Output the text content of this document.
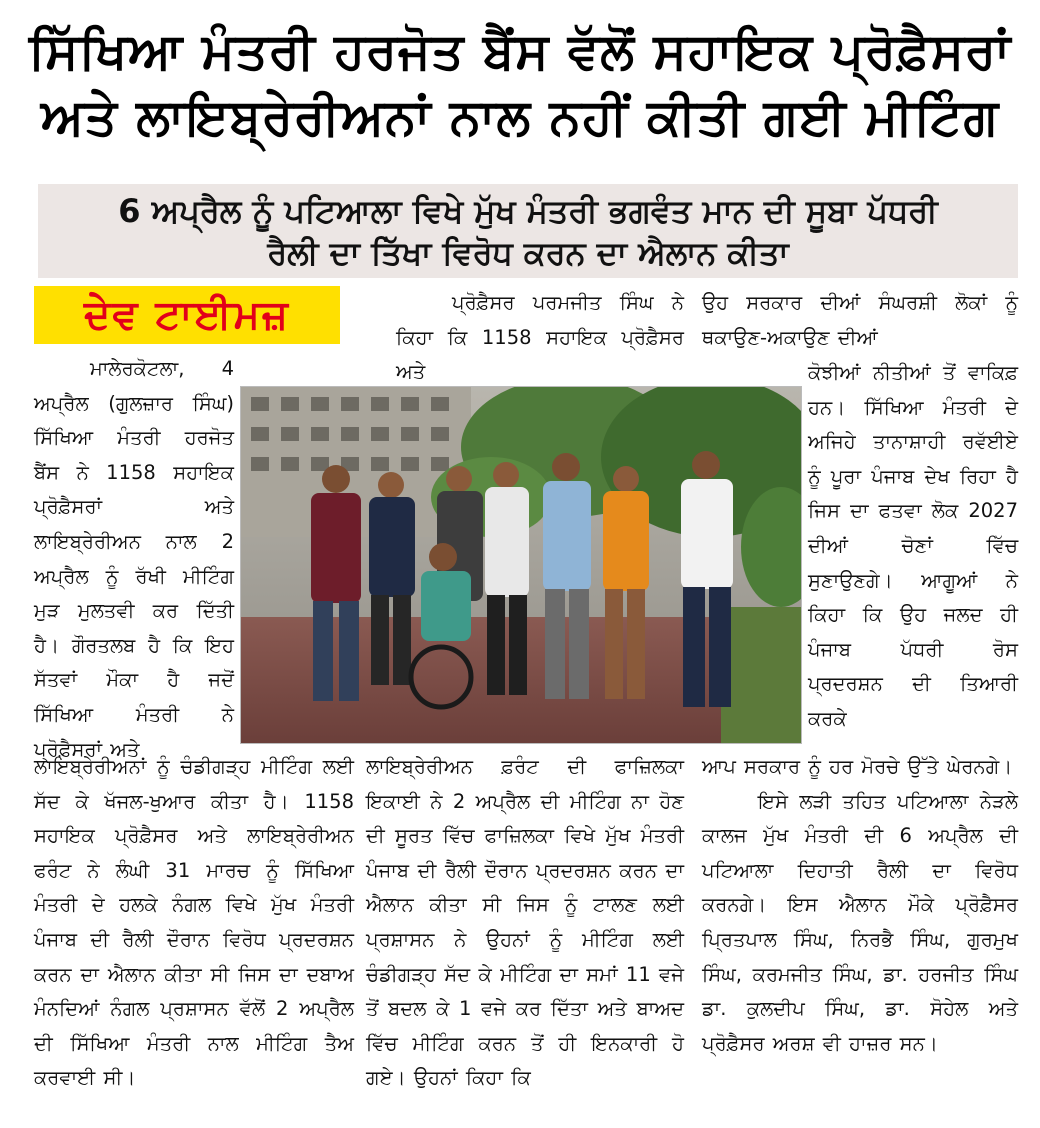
ਸਿੱਖਿਆ ਮੰਤਰੀ ਹਰਜੋਤ ਬੈਂਸ ਵੱਲੋਂ ਸਹਾਇਕ ਪ੍ਰੋਫ਼ੈਸਰਾਂ
ਅਤੇ ਲਾਇਬ੍ਰੇਰੀਅਨਾਂ ਨਾਲ ਨਹੀਂ ਕੀਤੀ ਗਈ ਮੀਟਿੰਗ
6 ਅਪ੍ਰੈਲ ਨੂੰ ਪਟਿਆਲਾ ਵਿਖੇ ਮੁੱਖ ਮੰਤਰੀ ਭਗਵੰਤ ਮਾਨ ਦੀ ਸੂਬਾ ਪੱਧਰੀ
ਰੈਲੀ ਦਾ ਤਿੱਖਾ ਵਿਰੋਧ ਕਰਨ ਦਾ ਐਲਾਨ ਕੀਤਾ
ਦੇਵ ਟਾਈਮਜ਼

ਮਾਲੇਰਕੋਟਲਾ, 4 ਅਪ੍ਰੈਲ (ਗੁਲਜ਼ਾਰ ਸਿੰਘ) ਸਿੱਖਿਆ ਮੰਤਰੀ ਹਰਜੋਤ ਬੈਂਸ ਨੇ 1158 ਸਹਾਇਕ ਪ੍ਰੋਫ਼ੈਸਰਾਂ ਅਤੇ ਲਾਇਬ੍ਰੇਰੀਅਨ ਨਾਲ 2 ਅਪ੍ਰੈਲ ਨੂੰ ਰੱਖੀ ਮੀਟਿੰਗ ਮੁੜ ਮੁਲਤਵੀ ਕਰ ਦਿੱਤੀ ਹੈ। ਗੌਰਤਲਬ ਹੈ ਕਿ ਇਹ ਸੱਤਵਾਂ ਮੌਕਾ ਹੈ ਜਦੋਂ ਸਿੱਖਿਆ ਮੰਤਰੀ ਨੇ ਪ੍ਰੋਫ਼ੈਸਰਾਂ ਅਤੇ

ਲਾਇਬ੍ਰੇਰੀਅਨਾਂ ਨੂੰ ਚੰਡੀਗੜ੍ਹ ਮੀਟਿੰਗ ਲਈ ਸੱਦ ਕੇ ਖੱਜਲ-ਖੁਆਰ ਕੀਤਾ ਹੈ। 1158 ਸਹਾਇਕ ਪ੍ਰੋਫ਼ੈਸਰ ਅਤੇ ਲਾਇਬ੍ਰੇਰੀਅਨ ਫਰੰਟ ਨੇ ਲੰਘੀ 31 ਮਾਰਚ ਨੂੰ ਸਿੱਖਿਆ ਮੰਤਰੀ ਦੇ ਹਲਕੇ ਨੰਗਲ ਵਿਖੇ ਮੁੱਖ ਮੰਤਰੀ ਪੰਜਾਬ ਦੀ ਰੈਲੀ ਦੌਰਾਨ ਵਿਰੋਧ ਪ੍ਰਦਰਸ਼ਨ ਕਰਨ ਦਾ ਐਲਾਨ ਕੀਤਾ ਸੀ ਜਿਸ ਦਾ ਦਬਾਅ ਮੰਨਦਿਆਂ ਨੰਗਲ ਪ੍ਰਸ਼ਾਸਨ ਵੱਲੋਂ 2 ਅਪ੍ਰੈਲ ਦੀ ਸਿੱਖਿਆ ਮੰਤਰੀ ਨਾਲ ਮੀਟਿੰਗ ਤੈਅ ਕਰਵਾਈ ਸੀ।

ਪ੍ਰੋਫ਼ੈਸਰ ਪਰਮਜੀਤ ਸਿੰਘ ਨੇ ਕਿਹਾ ਕਿ 1158 ਸਹਾਇਕ ਪ੍ਰੋਫ਼ੈਸਰ ਅਤੇ

ਲਾਇਬ੍ਰੇਰੀਅਨ ਫ਼ਰੰਟ ਦੀ ਫਾਜ਼ਿਲਕਾ ਇਕਾਈ ਨੇ 2 ਅਪ੍ਰੈਲ ਦੀ ਮੀਟਿੰਗ ਨਾ ਹੋਣ ਦੀ ਸੂਰਤ ਵਿੱਚ ਫਾਜ਼ਿਲਕਾ ਵਿਖੇ ਮੁੱਖ ਮੰਤਰੀ ਪੰਜਾਬ ਦੀ ਰੈਲੀ ਦੌਰਾਨ ਪ੍ਰਦਰਸ਼ਨ ਕਰਨ ਦਾ ਐਲਾਨ ਕੀਤਾ ਸੀ ਜਿਸ ਨੂੰ ਟਾਲਣ ਲਈ ਪ੍ਰਸ਼ਾਸਨ ਨੇ ਉਹਨਾਂ ਨੂੰ ਮੀਟਿੰਗ ਲਈ ਚੰਡੀਗੜ੍ਹ ਸੱਦ ਕੇ ਮੀਟਿੰਗ ਦਾ ਸਮਾਂ 11 ਵਜੇ ਤੋਂ ਬਦਲ ਕੇ 1 ਵਜੇ ਕਰ ਦਿੱਤਾ ਅਤੇ ਬਾਅਦ ਵਿੱਚ ਮੀਟਿੰਗ ਕਰਨ ਤੋਂ ਹੀ ਇਨਕਾਰੀ ਹੋ ਗਏ। ਉਹਨਾਂ ਕਿਹਾ ਕਿ

ਉਹ ਸਰਕਾਰ ਦੀਆਂ ਸੰਘਰਸ਼ੀ ਲੋਕਾਂ ਨੂੰ ਥਕਾਉਣ-ਅਕਾਉਣ ਦੀਆਂ

ਕੋਝੀਆਂ ਨੀਤੀਆਂ ਤੋਂ ਵਾਕਿਫ਼ ਹਨ। ਸਿੱਖਿਆ ਮੰਤਰੀ ਦੇ ਅਜਿਹੇ ਤਾਨਾਸ਼ਾਹੀ ਰਵੱਈਏ ਨੂੰ ਪੂਰਾ ਪੰਜਾਬ ਦੇਖ ਰਿਹਾ ਹੈ ਜਿਸ ਦਾ ਫਤਵਾ ਲੋਕ 2027 ਦੀਆਂ ਚੋਣਾਂ ਵਿੱਚ ਸੁਣਾਉਣਗੇ। ਆਗੂਆਂ ਨੇ ਕਿਹਾ ਕਿ ਉਹ ਜਲਦ ਹੀ ਪੰਜਾਬ ਪੱਧਰੀ ਰੋਸ ਪ੍ਰਦਰਸ਼ਨ ਦੀ ਤਿਆਰੀ ਕਰਕੇ

ਆਪ ਸਰਕਾਰ ਨੂੰ ਹਰ ਮੋਰਚੇ ਉੱਤੇ ਘੇਰਨਗੇ।

ਇਸੇ ਲੜੀ ਤਹਿਤ ਪਟਿਆਲਾ ਨੇੜਲੇ ਕਾਲਜ ਮੁੱਖ ਮੰਤਰੀ ਦੀ 6 ਅਪ੍ਰੈਲ ਦੀ ਪਟਿਆਲਾ ਦਿਹਾਤੀ ਰੈਲੀ ਦਾ ਵਿਰੋਧ ਕਰਨਗੇ। ਇਸ ਐਲਾਨ ਮੌਕੇ ਪ੍ਰੋਫ਼ੈਸਰ ਪ੍ਰਿਤਪਾਲ ਸਿੰਘ, ਨਿਰਭੈ ਸਿੰਘ, ਗੁਰਮੁਖ ਸਿੰਘ, ਕਰਮਜੀਤ ਸਿੰਘ, ਡਾ. ਹਰਜੀਤ ਸਿੰਘ ਡਾ. ਕੁਲਦੀਪ ਸਿੰਘ, ਡਾ. ਸੋਹੇਲ ਅਤੇ ਪ੍ਰੋਫ਼ੈਸਰ ਅਰਸ਼ ਵੀ ਹਾਜ਼ਰ ਸਨ।
